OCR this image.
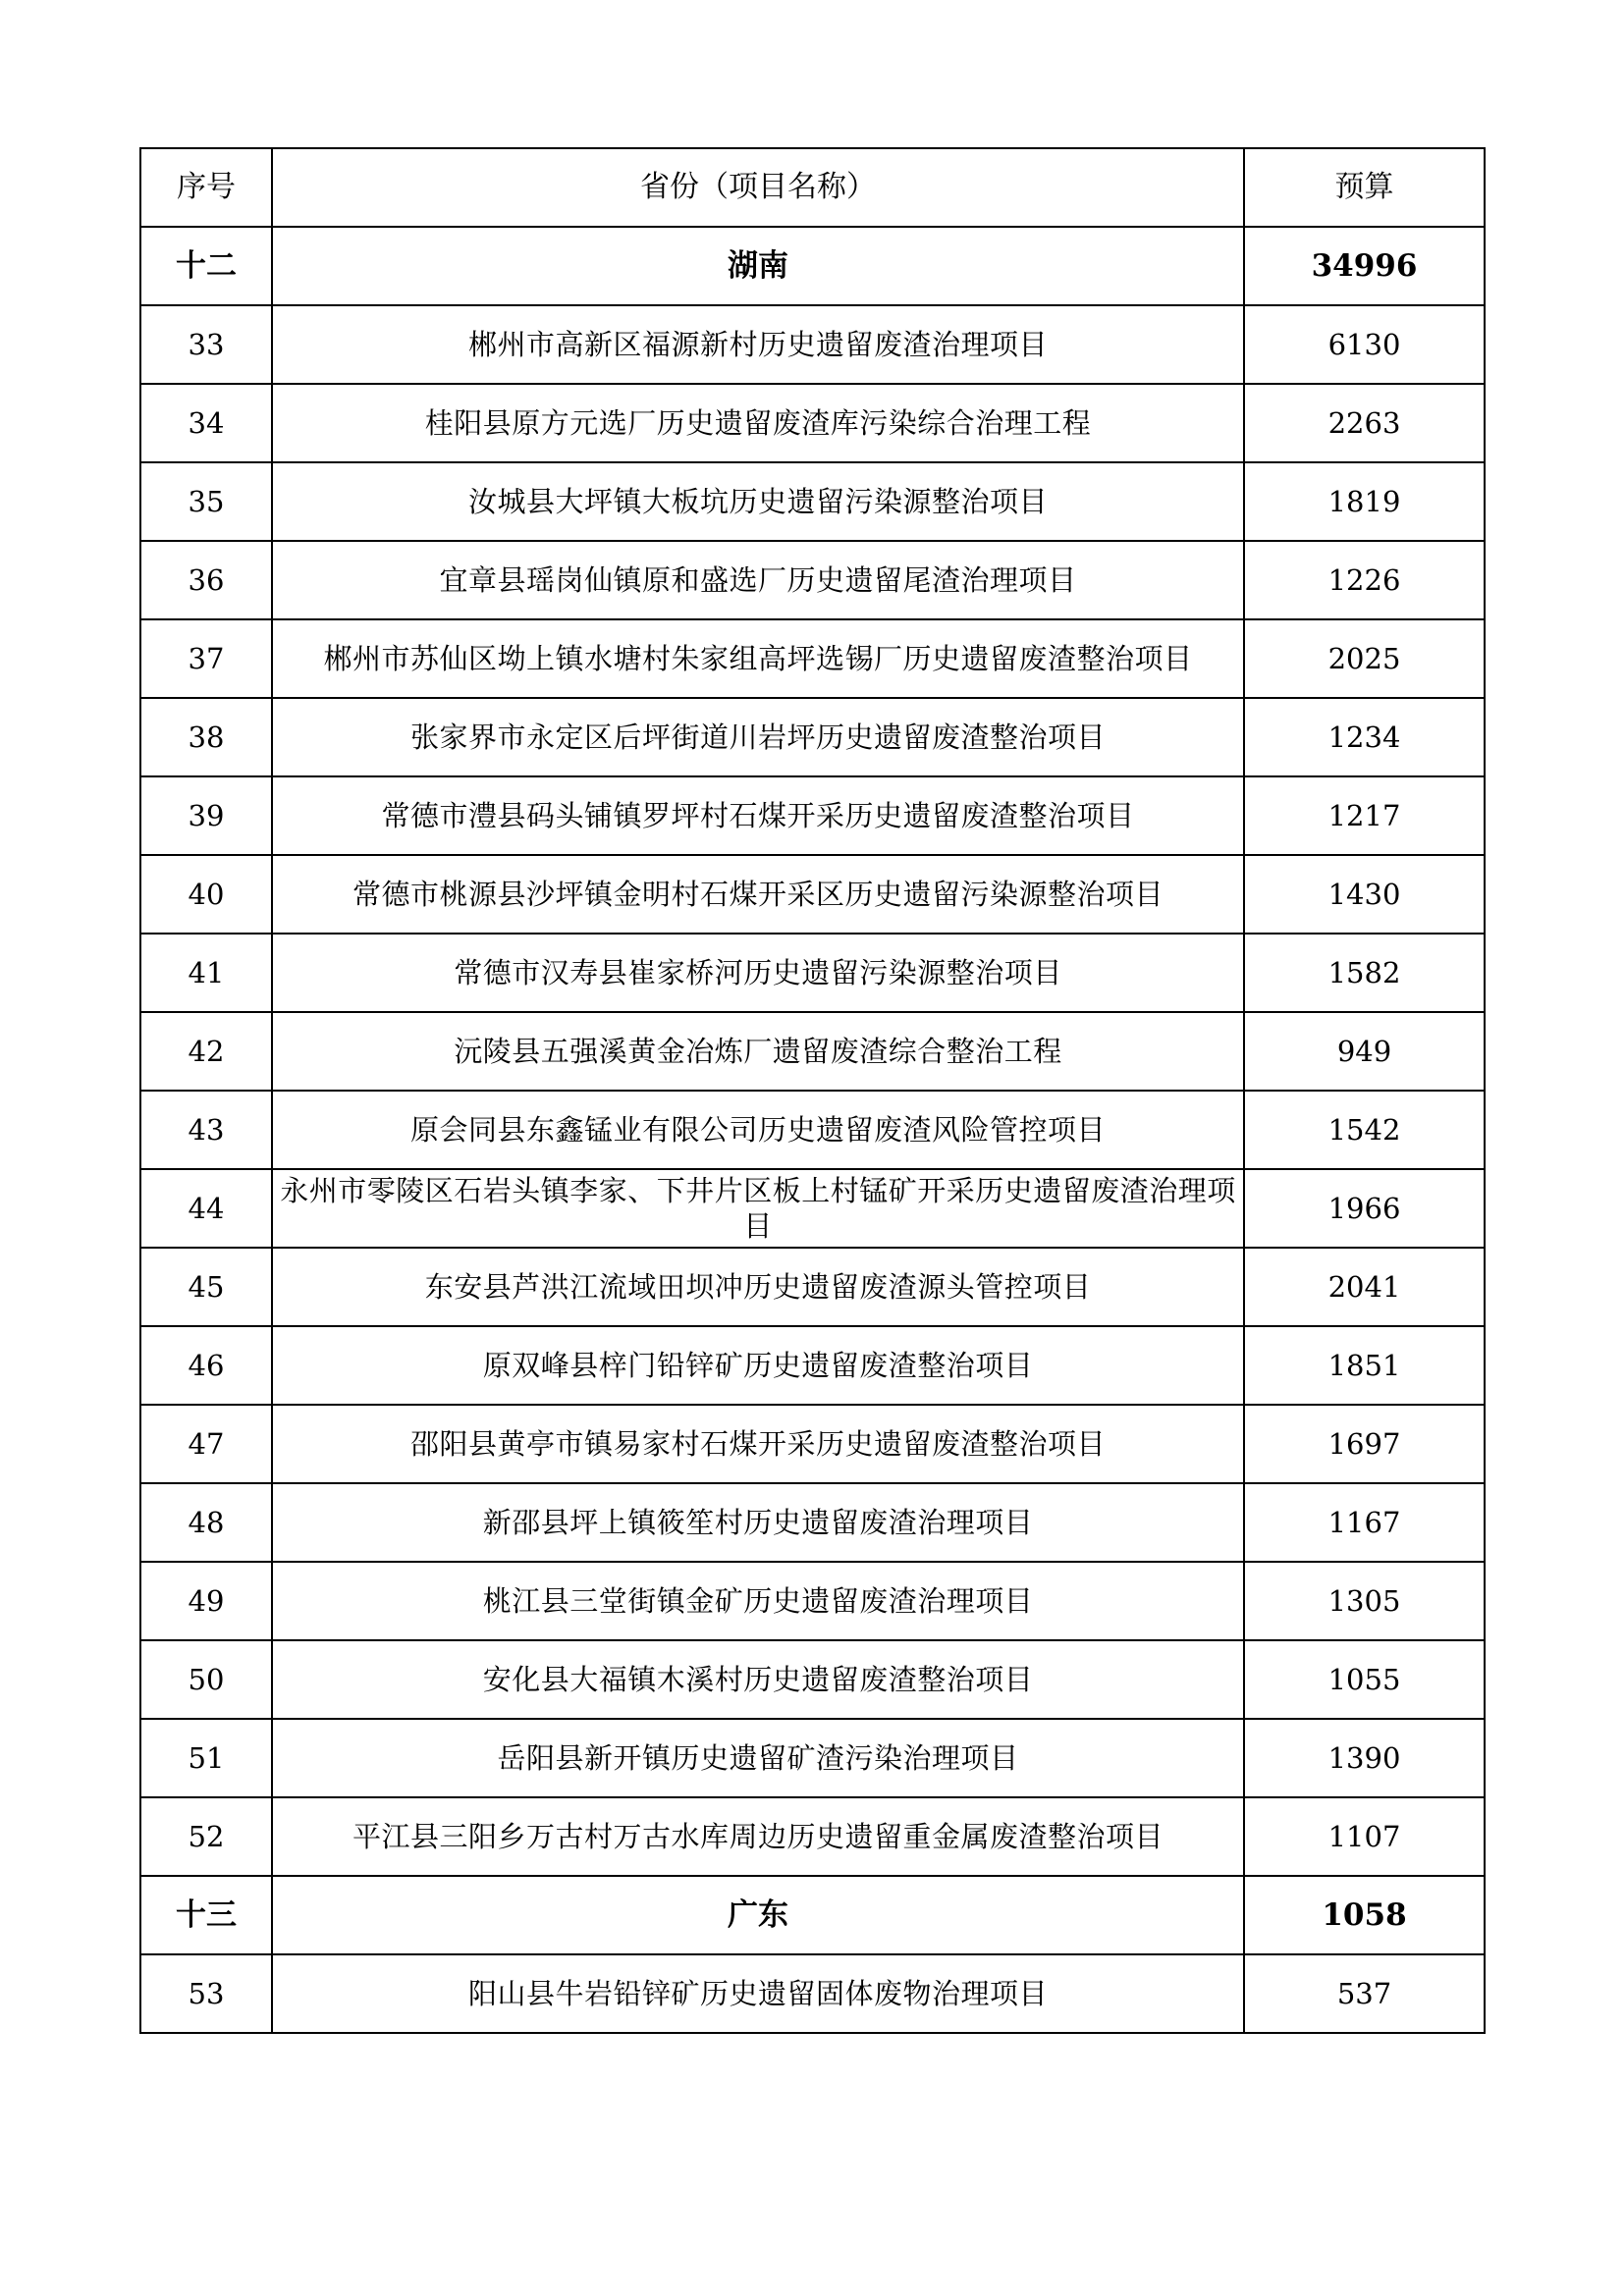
序号	省份（项目名称）	预算
十二	湖南	34996
33	郴州市高新区福源新村历史遗留废渣治理项目	6130
34	桂阳县原方元选厂历史遗留废渣库污染综合治理工程	2263
35	汝城县大坪镇大板坑历史遗留污染源整治项目	1819
36	宜章县瑶岗仙镇原和盛选厂历史遗留尾渣治理项目	1226
37	郴州市苏仙区坳上镇水塘村朱家组高坪选锡厂历史遗留废渣整治项目	2025
38	张家界市永定区后坪街道川岩坪历史遗留废渣整治项目	1234
39	常德市澧县码头铺镇罗坪村石煤开采历史遗留废渣整治项目	1217
40	常德市桃源县沙坪镇金明村石煤开采区历史遗留污染源整治项目	1430
41	常德市汉寿县崔家桥河历史遗留污染源整治项目	1582
42	沅陵县五强溪黄金冶炼厂遗留废渣综合整治工程	949
43	原会同县东鑫锰业有限公司历史遗留废渣风险管控项目	1542
44	永州市零陵区石岩头镇李家、下井片区板上村锰矿开采历史遗留废渣治理项目	1966
45	东安县芦洪江流域田坝冲历史遗留废渣源头管控项目	2041
46	原双峰县梓门铅锌矿历史遗留废渣整治项目	1851
47	邵阳县黄亭市镇易家村石煤开采历史遗留废渣整治项目	1697
48	新邵县坪上镇筱笙村历史遗留废渣治理项目	1167
49	桃江县三堂街镇金矿历史遗留废渣治理项目	1305
50	安化县大福镇木溪村历史遗留废渣整治项目	1055
51	岳阳县新开镇历史遗留矿渣污染治理项目	1390
52	平江县三阳乡万古村万古水库周边历史遗留重金属废渣整治项目	1107
十三	广东	1058
53	阳山县牛岩铅锌矿历史遗留固体废物治理项目	537
